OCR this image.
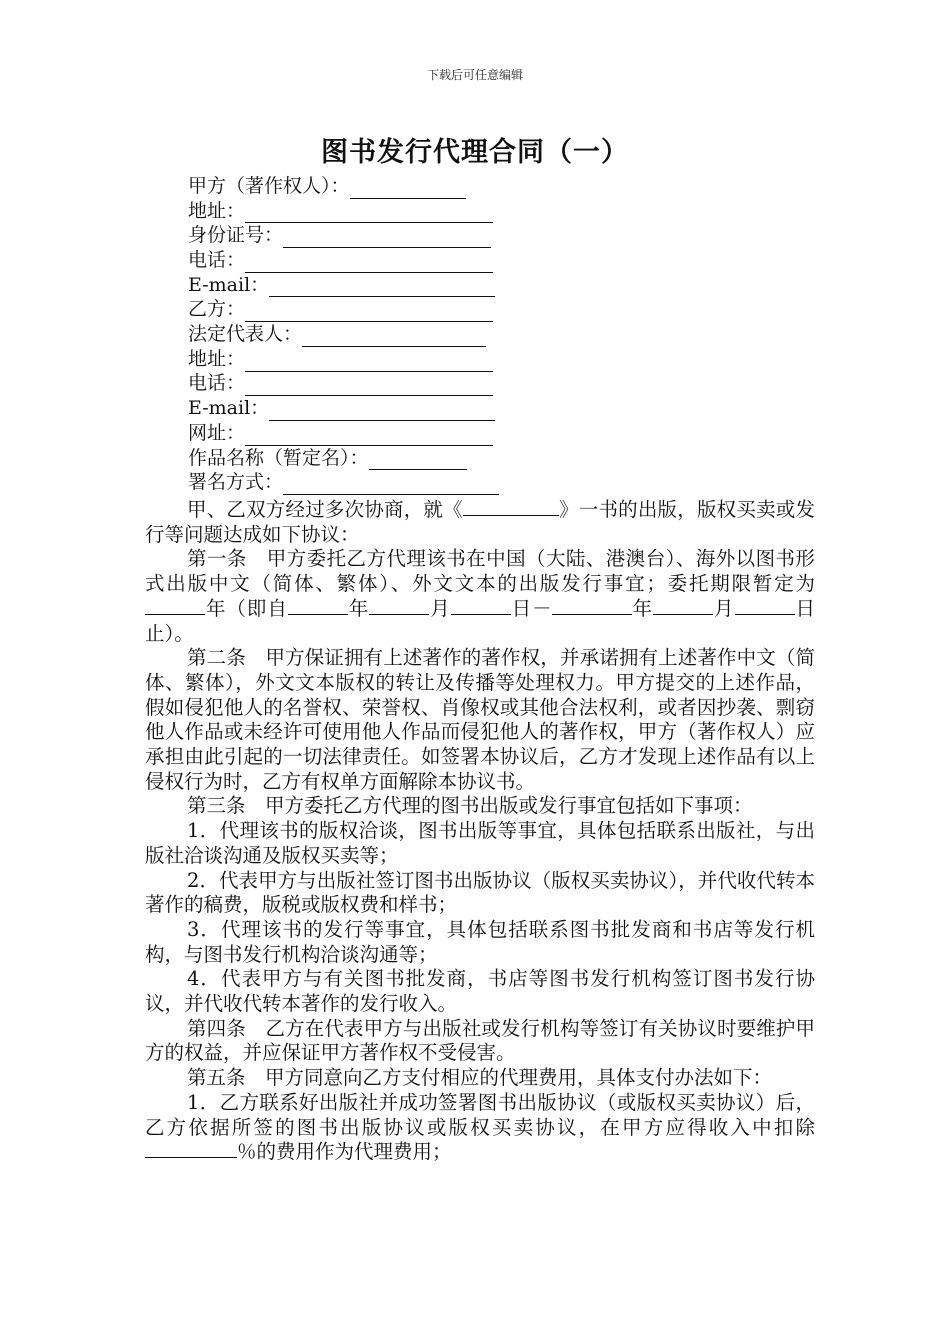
下载后可任意编辑
图书发行代理合同（一）
甲方（著作权人）：
地址：
身份证号：
电话：
E-mail：
乙方：
法定代表人：
地址：
电话：
E-mail：
网址：
作品名称（暂定名）：
署名方式：

甲、乙双方经过多次协商，就《	》一书的出版，版权买卖或发行等问题达成如下协议：

第一条　甲方委托乙方代理该书在中国（大陆、港澳台）、海外以图书形式出版中文（简体、繁体）、外文文本的出版发行事宜；委托期限暂定为年（即自	年	月	日－	年	月	日止）。

第二条　甲方保证拥有上述著作的著作权，并承诺拥有上述著作中文（简体、繁体），外文文本版权的转让及传播等处理权力。甲方提交的上述作品，假如侵犯他人的名誉权、荣誉权、肖像权或其他合法权利，或者因抄袭、剽窃他人作品或未经许可使用他人作品而侵犯他人的著作权，甲方（著作权人）应承担由此引起的一切法律责任。如签署本协议后，乙方才发现上述作品有以上侵权行为时，乙方有权单方面解除本协议书。

第三条　甲方委托乙方代理的图书出版或发行事宜包括如下事项：

1．代理该书的版权洽谈，图书出版等事宜，具体包括联系出版社，与出版社洽谈沟通及版权买卖等；

2．代表甲方与出版社签订图书出版协议（版权买卖协议），并代收代转本著作的稿费，版税或版权费和样书；

3．代理该书的发行等事宜，具体包括联系图书批发商和书店等发行机构，与图书发行机构洽谈沟通等；

4．代表甲方与有关图书批发商，书店等图书发行机构签订图书发行协议，并代收代转本著作的发行收入。

第四条　乙方在代表甲方与出版社或发行机构等签订有关协议时要维护甲方的权益，并应保证甲方著作权不受侵害。

第五条　甲方同意向乙方支付相应的代理费用，具体支付办法如下：

1．乙方联系好出版社并成功签署图书出版协议（或版权买卖协议）后，乙方依据所签的图书出版协议或版权买卖协议，在甲方应得收入中扣除％的费用作为代理费用；
